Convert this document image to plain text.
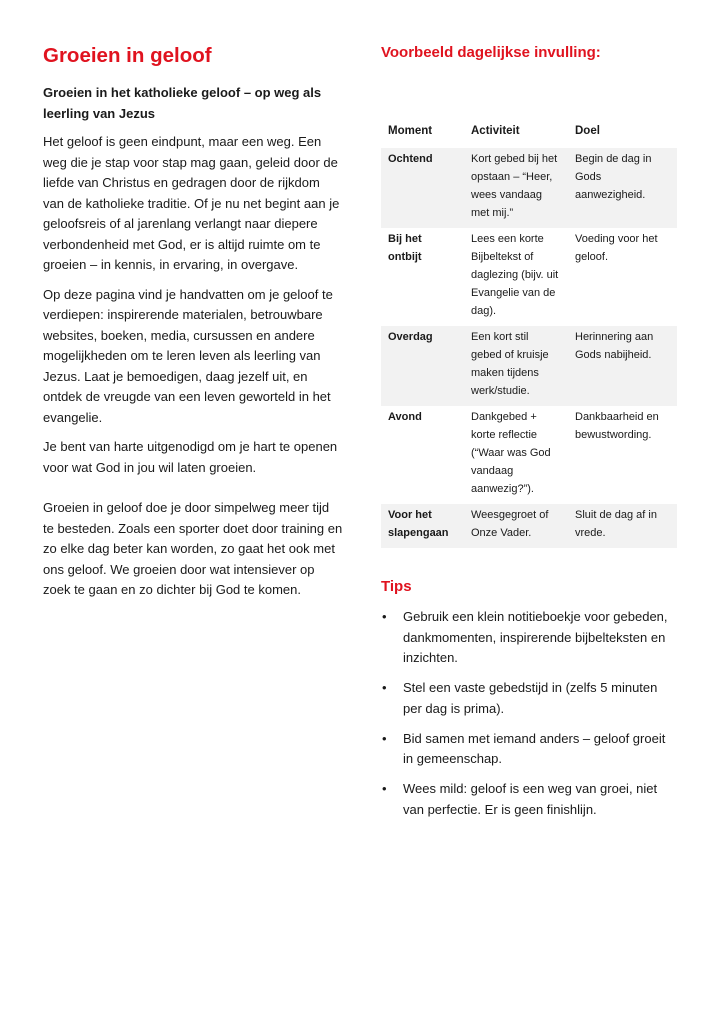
Groeien in geloof

Groeien in het katholieke geloof – op weg als leerling van Jezus

Het geloof is geen eindpunt, maar een weg. Een weg die je stap voor stap mag gaan, geleid door de liefde van Christus en gedragen door de rijkdom van de katholieke traditie. Of je nu net begint aan je geloofsreis of al jarenlang verlangt naar diepere verbondenheid met God, er is altijd ruimte om te groeien – in kennis, in ervaring, in overgave.

Op deze pagina vind je handvatten om je geloof te verdiepen: inspirerende materialen, betrouwbare websites, boeken, media, cursussen en andere mogelijkheden om te leren leven als leerling van Jezus. Laat je bemoedigen, daag jezelf uit, en ontdek de vreugde van een leven geworteld in het evangelie.

Je bent van harte uitgenodigd om je hart te openen voor wat God in jou wil laten groeien.

Groeien in geloof doe je door simpelweg meer tijd te besteden. Zoals een sporter doet door training en zo elke dag beter kan worden, zo gaat het ook met ons geloof. We groeien door wat intensiever op zoek te gaan en zo dichter bij God te komen.

Voorbeeld dagelijkse invulling:
Moment	Activiteit	Doel
Ochtend	Kort gebed bij het opstaan – “Heer, wees vandaag met mij.”	Begin de dag in Gods aanwezigheid.
Bij het ontbijt	Lees een korte Bijbeltekst of daglezing (bijv. uit Evangelie van de dag).	Voeding voor het geloof.
Overdag	Een kort stil gebed of kruisje maken tijdens werk/studie.	Herinnering aan Gods nabijheid.
Avond	Dankgebed + korte reflectie (“Waar was God vandaag aanwezig?”).	Dankbaarheid en bewustwording.
Voor het slapengaan	Weesgegroet of Onze Vader.	Sluit de dag af in vrede.
Tips
• Gebruik een klein notitieboekje voor gebeden, dankmomenten, inspirerende bijbelteksten en inzichten.
• Stel een vaste gebedstijd in (zelfs 5 minuten per dag is prima).
• Bid samen met iemand anders – geloof groeit in gemeenschap.
• Wees mild: geloof is een weg van groei, niet van perfectie. Er is geen finishlijn.
